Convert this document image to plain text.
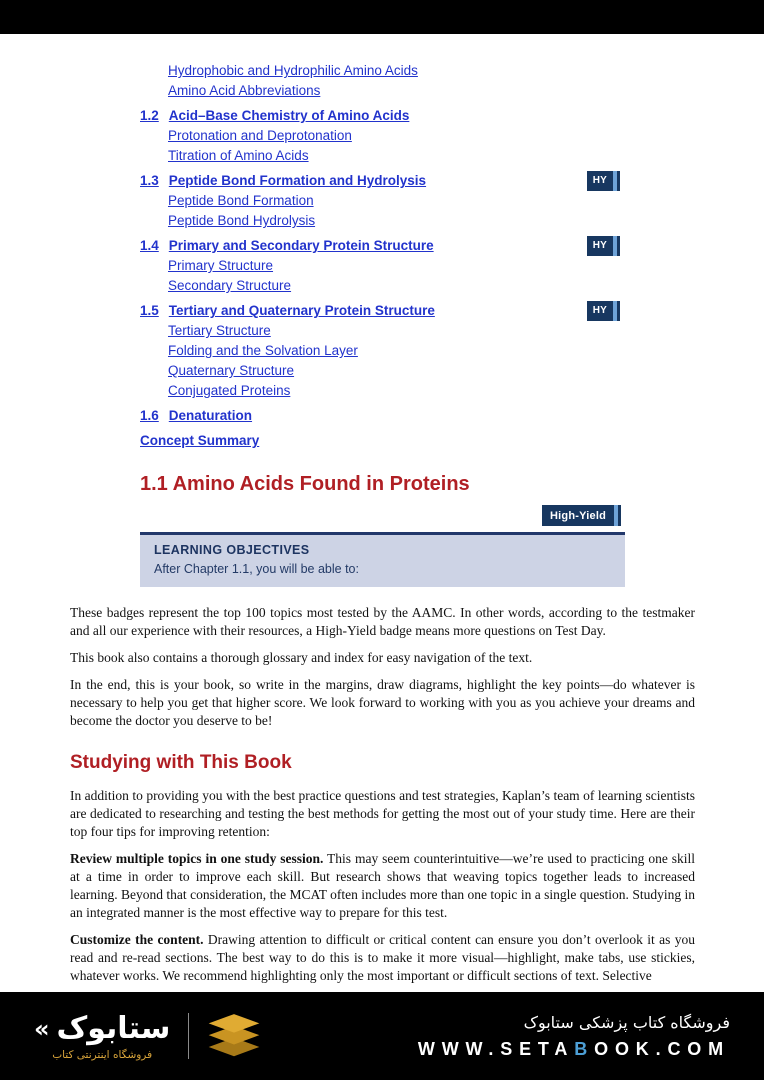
Hydrophobic and Hydrophilic Amino Acids
Amino Acid Abbreviations
1.2 Acid–Base Chemistry of Amino Acids
Protonation and Deprotonation
Titration of Amino Acids
1.3 Peptide Bond Formation and Hydrolysis	HY
Peptide Bond Formation
Peptide Bond Hydrolysis
1.4 Primary and Secondary Protein Structure	HY
Primary Structure
Secondary Structure
1.5 Tertiary and Quaternary Protein Structure	HY
Tertiary Structure
Folding and the Solvation Layer
Quaternary Structure
Conjugated Proteins
1.6 Denaturation
Concept Summary
1.1 Amino Acids Found in Proteins
High-Yield
LEARNING OBJECTIVES
After Chapter 1.1, you will be able to:

These badges represent the top 100 topics most tested by the AAMC. In other words, according to the testmaker and all our experience with their resources, a High-Yield badge means more questions on Test Day.

This book also contains a thorough glossary and index for easy navigation of the text.

In the end, this is your book, so write in the margins, draw diagrams, highlight the key points—do whatever is necessary to help you get that higher score. We look forward to working with you as you achieve your dreams and become the doctor you deserve to be!

Studying with This Book

In addition to providing you with the best practice questions and test strategies, Kaplan’s team of learning scientists are dedicated to researching and testing the best methods for getting the most out of your study time. Here are their top four tips for improving retention:

Review multiple topics in one study session. This may seem counterintuitive—we’re used to practicing one skill at a time in order to improve each skill. But research shows that weaving topics together leads to increased learning. Beyond that consideration, the MCAT often includes more than one topic in a single question. Studying in an integrated manner is the most effective way to prepare for this test.

Customize the content. Drawing attention to difficult or critical content can ensure you don’t overlook it as you read and re-read sections. The best way to do this is to make it more visual—highlight, make tabs, use stickies, whatever works. We recommend highlighting only the most important or difficult sections of text. Selective

« ستابوک
فروشگاه اینترنتی کتاب
فروشگاه کتاب پزشکی ستابوک
WWW.SETABOOK.COM
